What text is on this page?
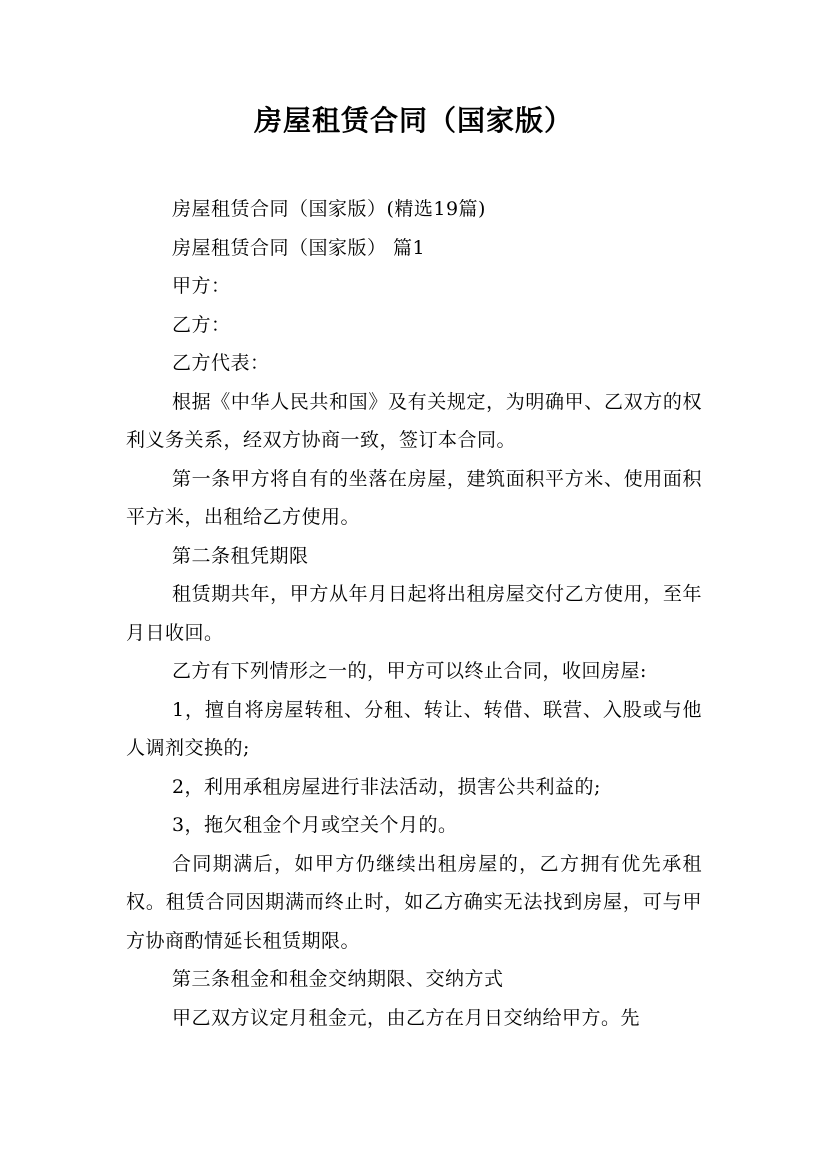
房屋租赁合同（国家版）

房屋租赁合同（国家版）(精选19篇)

房屋租赁合同（国家版） 篇1

甲方：

乙方：

乙方代表：

根据《中华人民共和国》及有关规定，为明确甲、乙双方的权利义务关系，经双方协商一致，签订本合同。

第一条甲方将自有的坐落在房屋，建筑面积平方米、使用面积平方米，出租给乙方使用。

第二条租凭期限

租赁期共年，甲方从年月日起将出租房屋交付乙方使用，至年月日收回。

乙方有下列情形之一的，甲方可以终止合同，收回房屋:

1，擅自将房屋转租、分租、转让、转借、联营、入股或与他人调剂交换的;

2，利用承租房屋进行非法活动，损害公共利益的;

3，拖欠租金个月或空关个月的。

合同期满后，如甲方仍继续出租房屋的，乙方拥有优先承租权。租赁合同因期满而终止时，如乙方确实无法找到房屋，可与甲方协商酌情延长租赁期限。

第三条租金和租金交纳期限、交纳方式

甲乙双方议定月租金元，由乙方在月日交纳给甲方。先
